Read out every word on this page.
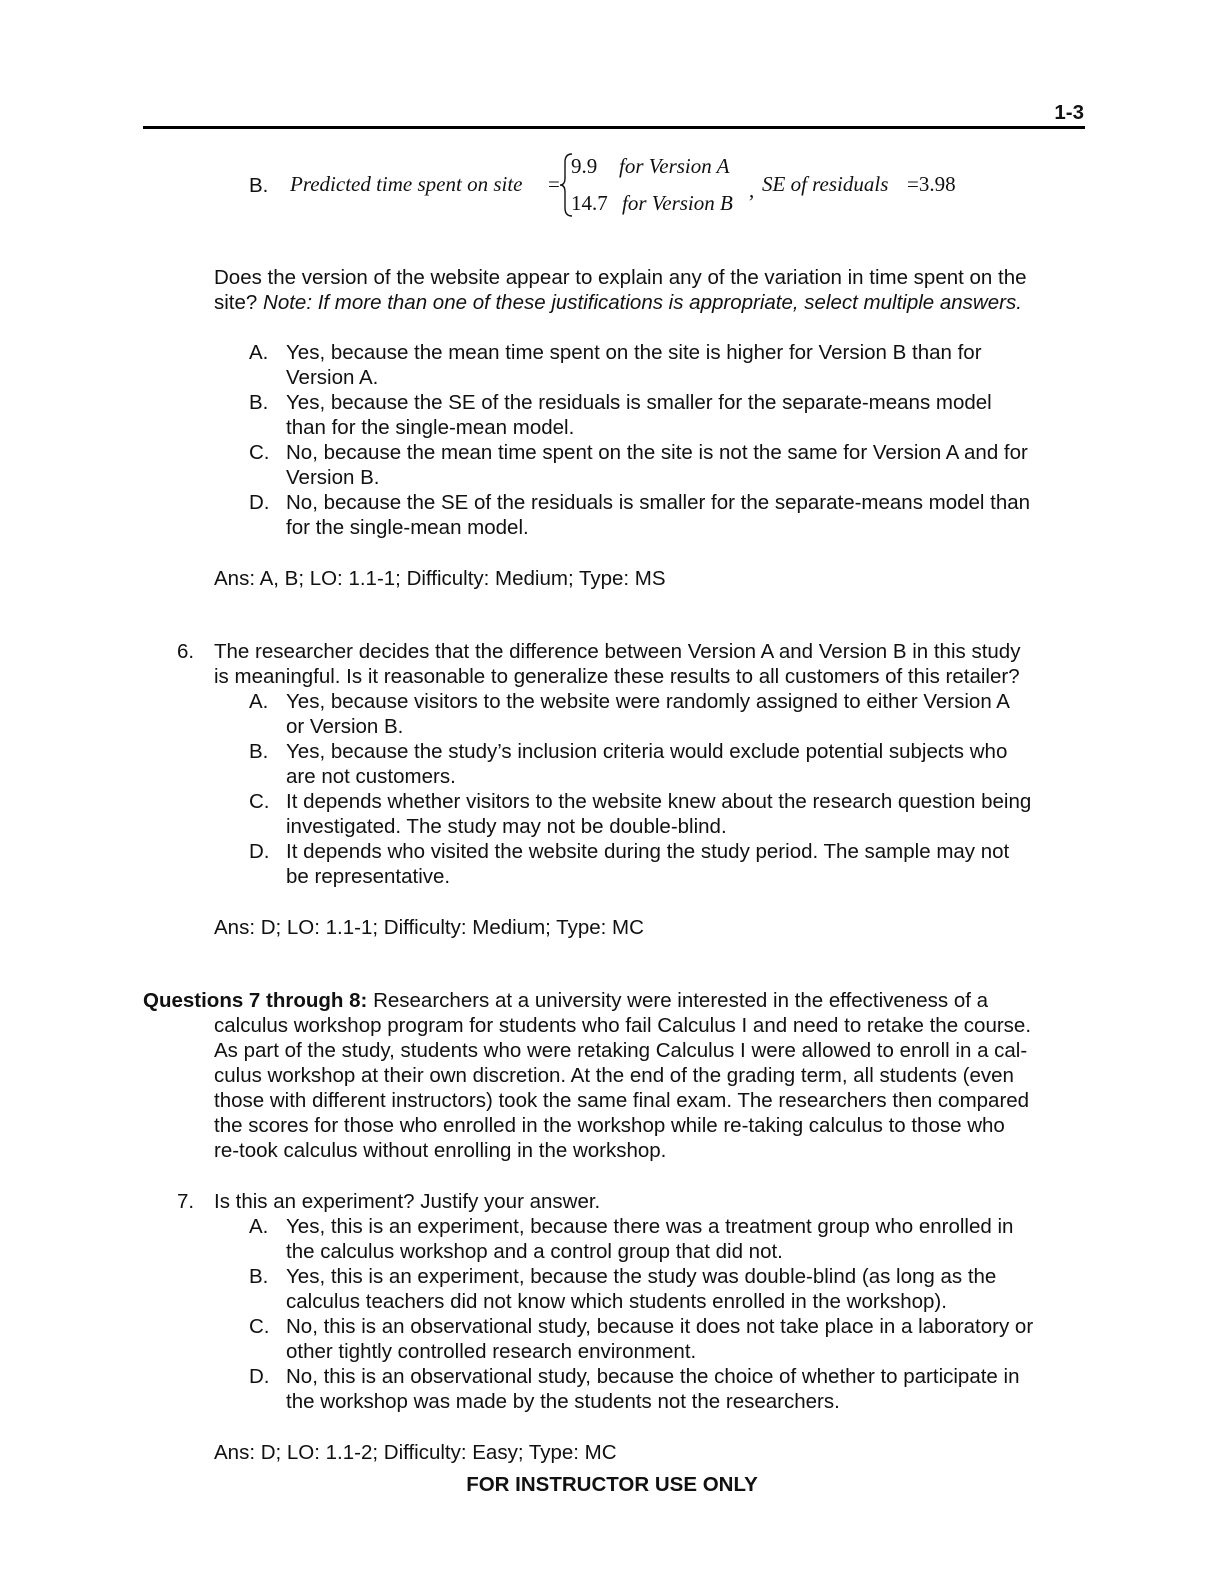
1-3
B. Predicted time spent on site =
9.9 for Version A
14.7 for Version B
, SE of residuals =3.98
Does the version of the website appear to explain any of the variation in time spent on the
site? Note: If more than one of these justifications is appropriate, select multiple answers.
A. Yes, because the mean time spent on the site is higher for Version B than for
Version A.
B. Yes, because the SE of the residuals is smaller for the separate-means model
than for the single-mean model.
C. No, because the mean time spent on the site is not the same for Version A and for
Version B.
D. No, because the SE of the residuals is smaller for the separate-means model than
for the single-mean model.
Ans: A, B; LO: 1.1-1; Difficulty: Medium; Type: MS
6. The researcher decides that the difference between Version A and Version B in this study
is meaningful. Is it reasonable to generalize these results to all customers of this retailer?
A. Yes, because visitors to the website were randomly assigned to either Version A
or Version B.
B. Yes, because the study’s inclusion criteria would exclude potential subjects who
are not customers.
C. It depends whether visitors to the website knew about the research question being
investigated. The study may not be double-blind.
D. It depends who visited the website during the study period. The sample may not
be representative.
Ans: D; LO: 1.1-1; Difficulty: Medium; Type: MC
Questions 7 through 8: Researchers at a university were interested in the effectiveness of a
calculus workshop program for students who fail Calculus I and need to retake the course.
As part of the study, students who were retaking Calculus I were allowed to enroll in a cal-
culus workshop at their own discretion. At the end of the grading term, all students (even
those with different instructors) took the same final exam. The researchers then compared
the scores for those who enrolled in the workshop while re-taking calculus to those who
re-took calculus without enrolling in the workshop.
7. Is this an experiment? Justify your answer.
A. Yes, this is an experiment, because there was a treatment group who enrolled in
the calculus workshop and a control group that did not.
B. Yes, this is an experiment, because the study was double-blind (as long as the
calculus teachers did not know which students enrolled in the workshop).
C. No, this is an observational study, because it does not take place in a laboratory or
other tightly controlled research environment.
D. No, this is an observational study, because the choice of whether to participate in
the workshop was made by the students not the researchers.
Ans: D; LO: 1.1-2; Difficulty: Easy; Type: MC
FOR INSTRUCTOR USE ONLY
